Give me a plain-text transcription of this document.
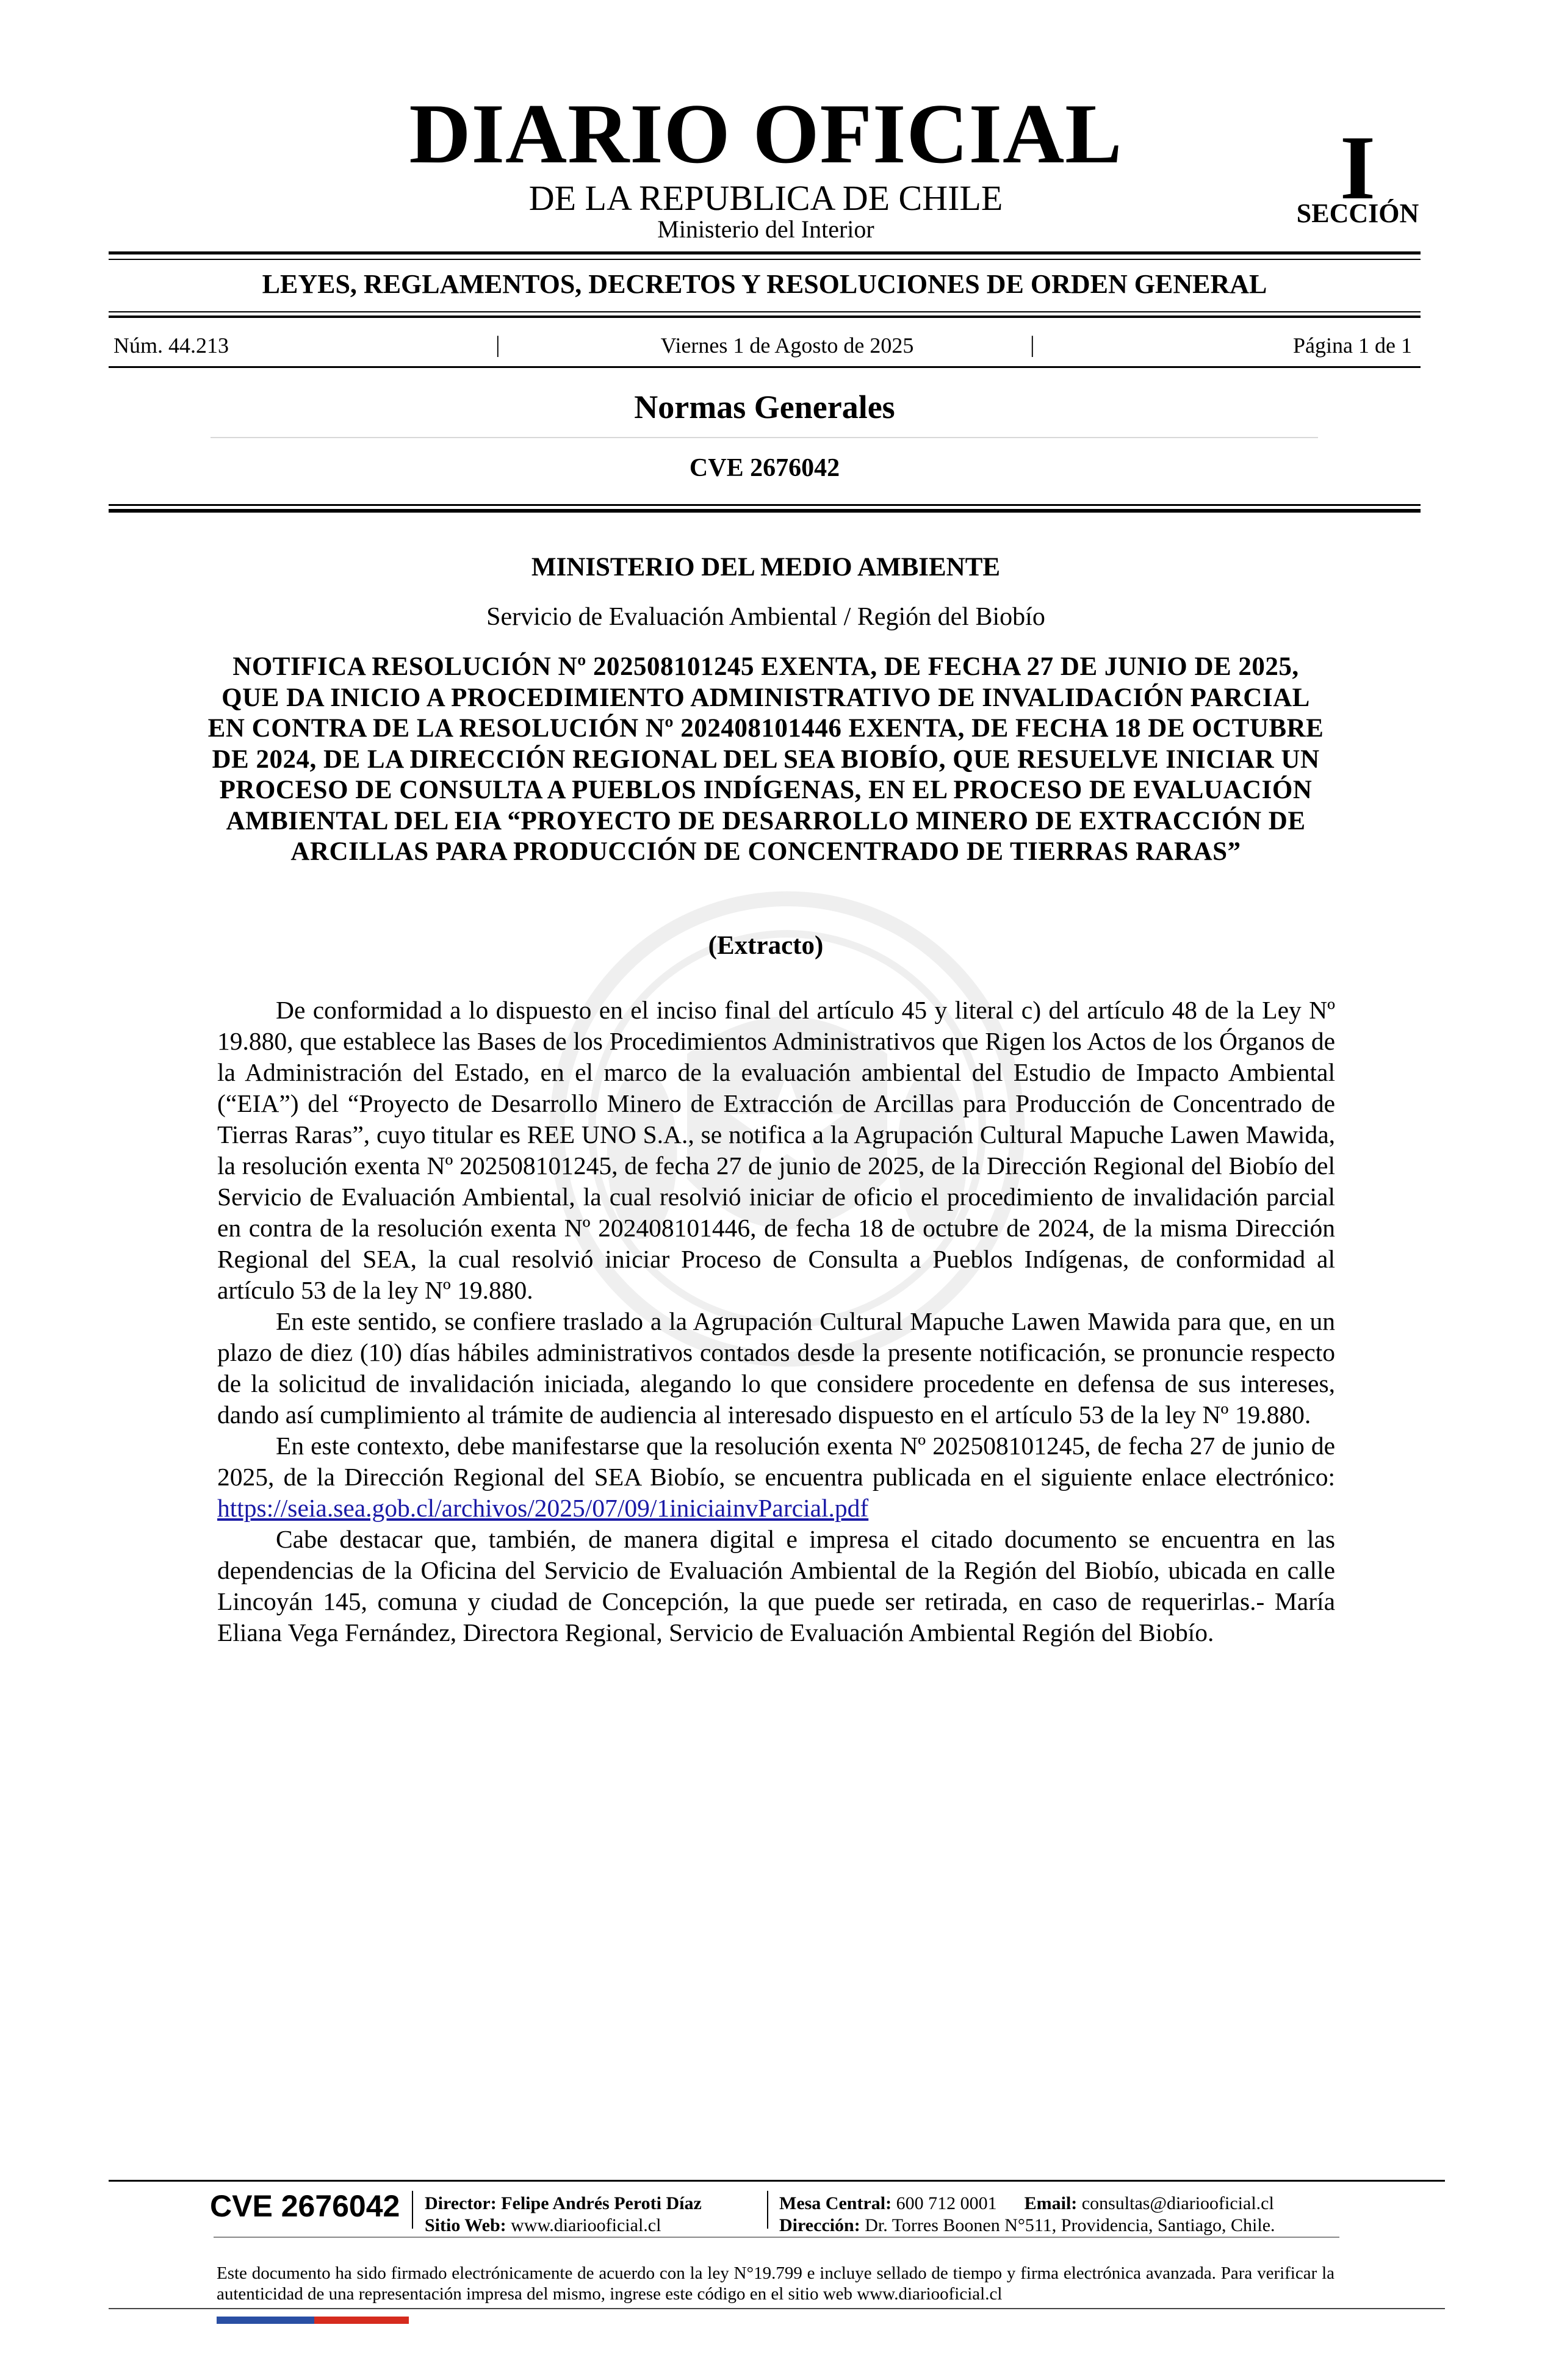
DIARIO OFICIAL
DE LA REPUBLICA DE CHILE
Ministerio del Interior
I
SECCIÓN
LEYES, REGLAMENTOS, DECRETOS Y RESOLUCIONES DE ORDEN GENERAL
Núm. 44.213	|	Viernes 1 de Agosto de 2025	|	Página 1 de 1
Normas Generales
CVE 2676042
MINISTERIO DEL MEDIO AMBIENTE
Servicio de Evaluación Ambiental / Región del Biobío
NOTIFICA RESOLUCIÓN Nº 202508101245 EXENTA, DE FECHA 27 DE JUNIO DE 2025, QUE DA INICIO A PROCEDIMIENTO ADMINISTRATIVO DE INVALIDACIÓN PARCIAL EN CONTRA DE LA RESOLUCIÓN Nº 202408101446 EXENTA, DE FECHA 18 DE OCTUBRE DE 2024, DE LA DIRECCIÓN REGIONAL DEL SEA BIOBÍO, QUE RESUELVE INICIAR UN PROCESO DE CONSULTA A PUEBLOS INDÍGENAS, EN EL PROCESO DE EVALUACIÓN AMBIENTAL DEL EIA “PROYECTO DE DESARROLLO MINERO DE EXTRACCIÓN DE ARCILLAS PARA PRODUCCIÓN DE CONCENTRADO DE TIERRAS RARAS”
(Extracto)

De conformidad a lo dispuesto en el inciso final del artículo 45 y literal c) del artículo 48 de la Ley Nº 19.880, que establece las Bases de los Procedimientos Administrativos que Rigen los Actos de los Órganos de la Administración del Estado, en el marco de la evaluación ambiental del Estudio de Impacto Ambiental (“EIA”) del “Proyecto de Desarrollo Minero de Extracción de Arcillas para Producción de Concentrado de Tierras Raras”, cuyo titular es REE UNO S.A., se notifica a la Agrupación Cultural Mapuche Lawen Mawida, la resolución exenta Nº 202508101245, de fecha 27 de junio de 2025, de la Dirección Regional del Biobío del Servicio de Evaluación Ambiental, la cual resolvió iniciar de oficio el procedimiento de invalidación parcial en contra de la resolución exenta Nº 202408101446, de fecha 18 de octubre de 2024, de la misma Dirección Regional del SEA, la cual resolvió iniciar Proceso de Consulta a Pueblos Indígenas, de conformidad al artículo 53 de la ley Nº 19.880.

En este sentido, se confiere traslado a la Agrupación Cultural Mapuche Lawen Mawida para que, en un plazo de diez (10) días hábiles administrativos contados desde la presente notificación, se pronuncie respecto de la solicitud de invalidación iniciada, alegando lo que considere procedente en defensa de sus intereses, dando así cumplimiento al trámite de audiencia al interesado dispuesto en el artículo 53 de la ley Nº 19.880.

En este contexto, debe manifestarse que la resolución exenta Nº 202508101245, de fecha 27 de junio de 2025, de la Dirección Regional del SEA Biobío, se encuentra publicada en el siguiente enlace electrónico: https://seia.sea.gob.cl/archivos/2025/07/09/1iniciainvParcial.pdf

Cabe destacar que, también, de manera digital e impresa el citado documento se encuentra en las dependencias de la Oficina del Servicio de Evaluación Ambiental de la Región del Biobío, ubicada en calle Lincoyán 145, comuna y ciudad de Concepción, la que puede ser retirada, en caso de requerirlas.- María Eliana Vega Fernández, Directora Regional, Servicio de Evaluación Ambiental Región del Biobío.

CVE 2676042 Director: Felipe Andrés Peroti Díaz
Sitio Web: www.diariooficial.cl
Mesa Central: 600 712 0001 Email: consultas@diariooficial.cl
Dirección: Dr. Torres Boonen N°511, Providencia, Santiago, Chile.
Este documento ha sido firmado electrónicamente de acuerdo con la ley N°19.799 e incluye sellado de tiempo y firma electrónica avanzada. Para verificar la autenticidad de una representación impresa del mismo, ingrese este código en el sitio web www.diariooficial.cl
